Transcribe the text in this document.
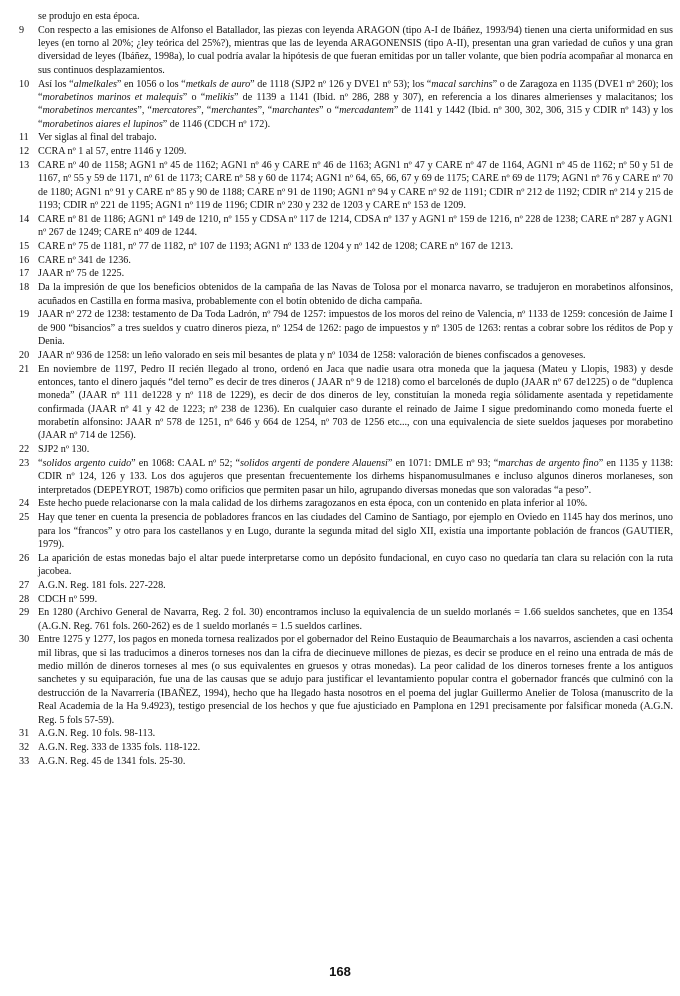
se produjo en esta época.
9	Con respecto a las emisiones de Alfonso el Batallador, las piezas con leyenda ARAGON (tipo A-I de Ibáñez, 1993/94) tienen una cierta uniformidad en sus leyes (en torno al 20%; ¿ley teórica del 25%?), mientras que las de leyenda ARAGONENSIS (tipo A-II), presentan una gran variedad de cuños y una gran diversidad de leyes (Ibáñez, 1998a), lo cual podría avalar la hipótesis de que fueran emitidas por un taller volante, que bien podría acompañar al monarca en sus continuos desplazamientos.
10 Así los “almelkales” en 1056 o los “metkals de auro” de 1118 (SJP2 nº 126 y DVE1 nº 53); los “macal sarchins” o de Zaragoza en 1135 (DVE1 nº 260); los “morabetinos marinos et malequis” o “melikis” de 1139 a 1141 (Ibid. nº 286, 288 y 307), en referencia a los dinares almerienses y malacitanos; los “morabetinos mercantes”, “mercatores”, “merchantes”, “marchantes” o “mercadantem” de 1141 y 1442 (Ibid. nº 300, 302, 306, 315 y CDIR nº 143) y los “morabetinos aiares el lupinos” de 1146 (CDCH nº 172).
11 Ver siglas al final del trabajo.
12 CCRA nº 1 al 57, entre 1146 y 1209.
13 CARE nº 40 de 1158; AGN1 nº 45 de 1162; AGN1 nº 46 y CARE nº 46 de 1163; AGN1 nº 47 y CARE nº 47 de 1164, AGN1 nº 45 de 1162; nº 50 y 51 de 1167, nº 55 y 59 de 1171, nº 61 de 1173; CARE nº 58 y 60 de 1174; AGN1 nº 64, 65, 66, 67 y 69 de 1175; CARE nº 69 de 1179; AGN1 nº 76 y CARE nº 70 de 1180; AGN1 nº 91 y CARE nº 85 y 90 de 1188; CARE nº 91 de 1190; AGN1 nº 94 y CARE nº 92 de 1191; CDIR nº 212 de 1192; CDIR nº 214 y 215 de 1193; CDIR nº 221 de 1195; AGN1 nº 119 de 1196; CDIR nº 230 y 232 de 1203 y CARE nº 153 de 1209.
14 CARE nº 81 de 1186; AGN1 nº 149 de 1210, nº 155 y CDSA nº 117 de 1214, CDSA nº 137 y AGN1 nº 159 de 1216, nº 228 de 1238; CARE nº 287 y AGN1 nº 267 de 1249; CARE nº 409 de 1244.
15 CARE nº 75 de 1181, nº 77 de 1182, nº 107 de 1193; AGN1 nº 133 de 1204 y nº 142 de 1208; CARE nº 167 de 1213.
16 CARE nº 341 de 1236.
17 JAAR nº 75 de 1225.
18 Da la impresión de que los beneficios obtenidos de la campaña de las Navas de Tolosa por el monarca navarro, se tradujeron en morabetinos alfonsinos, acuñados en Castilla en forma masiva, probablemente con el botín obtenido de dicha campaña.
19 JAAR nº 272 de 1238: testamento de Da Toda Ladrón, nº 794 de 1257: impuestos de los moros del reino de Valencia, nº 1133 de 1259: concesión de Jaime I de 900 “bisancios” a tres sueldos y cuatro dineros pieza, nº 1254 de 1262: pago de impuestos y nº 1305 de 1263: rentas a cobrar sobre los réditos de Pop y Denia.
20 JAAR nº 936 de 1258: un leño valorado en seis mil besantes de plata y nº 1034 de 1258: valoración de bienes confiscados a genoveses.
21 En noviembre de 1197, Pedro II recién llegado al trono, ordenó en Jaca que nadie usara otra moneda que la jaquesa (Mateu y Llopis, 1983) y desde entonces, tanto el dinero jaqués “del terno” es decir de tres dineros ( JAAR nº 9 de 1218) como el barcelonés de duplo (JAAR nº 67 de1225) o de “duplenca moneda” (JAAR nº 111 de1228 y nº 118 de 1229), es decir de dos dineros de ley, constituían la moneda regia sólidamente asentada y repetidamente confirmada (JAAR nº 41 y 42 de 1223; nº 238 de 1236). En cualquier caso durante el reinado de Jaime I sigue predominando como moneda fuerte el morabetín alfonsino: JAAR nº 578 de 1251, nº 646 y 664 de 1254, nº 703 de 1256 etc..., con una equivalencia de siete sueldos jaqueses por morabetino (JAAR nº 714 de 1256).
22 SJP2 nº 130.
23 “solidos argento cuido” en 1068: CAAL nº 52; “solidos argenti de pondere Alauensi” en 1071: DMLE nº 93; “marchas de argento fino” en 1135 y 1138: CDIR nº 124, 126 y 133. Los dos agujeros que presentan frecuentemente los dirhems hispanomusulmanes e incluso algunos dineros morlaneses, son interpretados (DEPEYROT, 1987b) como orificios que permiten pasar un hilo, agrupando diversas monedas que son valoradas “a peso”.
24 Este hecho puede relacionarse con la mala calidad de los dirhems zaragozanos en esta época, con un contenido en plata inferior al 10%.
25 Hay que tener en cuenta la presencia de pobladores francos en las ciudades del Camino de Santiago, por ejemplo en Oviedo en 1145 hay dos merinos, uno para los “francos” y otro para los castellanos y en Lugo, durante la segunda mitad del siglo XII, existía una importante población de francos (GAUTIER, 1979).
26 La aparición de estas monedas bajo el altar puede interpretarse como un depósito fundacional, en cuyo caso no quedaría tan clara su relación con la ruta jacobea.
27 A.G.N. Reg. 181 fols. 227-228.
28 CDCH nº 599.
29 En 1280 (Archivo General de Navarra, Reg. 2 fol. 30) encontramos incluso la equivalencia de un sueldo morlanés = 1.66 sueldos sanchetes, que en 1354 (A.G.N. Reg. 761 fols. 260-262) es de 1 sueldo morlanés = 1.5 sueldos carlines.
30 Entre 1275 y 1277, los pagos en moneda tornesa realizados por el gobernador del Reino Eustaquio de Beaumarchais a los navarros, ascienden a casi ochenta mil libras, que si las traducimos a dineros torneses nos dan la cifra de diecinueve millones de piezas, es decir se produce en el reino una entrada de más de medio millón de dineros torneses al mes (o sus equivalentes en gruesos y otras monedas). La peor calidad de los dineros torneses frente a los antiguos sanchetes y su equiparación, fue una de las causas que se adujo para justificar el levantamiento popular contra el gobernador francés que culminó con la destrucción de la Navarrería (IBAÑEZ, 1994), hecho que ha llegado hasta nosotros en el poema del juglar Guillermo Anelier de Tolosa (manuscrito de la Real Academia de la Ha 9.4923), testigo presencial de los hechos y que fue ajusticiado en Pamplona en 1291 precisamente por falsificar moneda (A.G.N. Reg. 5 fols 57-59).
31 A.G.N. Reg. 10 fols. 98-113.
32 A.G.N. Reg. 333 de 1335 fols. 118-122.
33 A.G.N. Reg. 45 de 1341 fols. 25-30.
168
